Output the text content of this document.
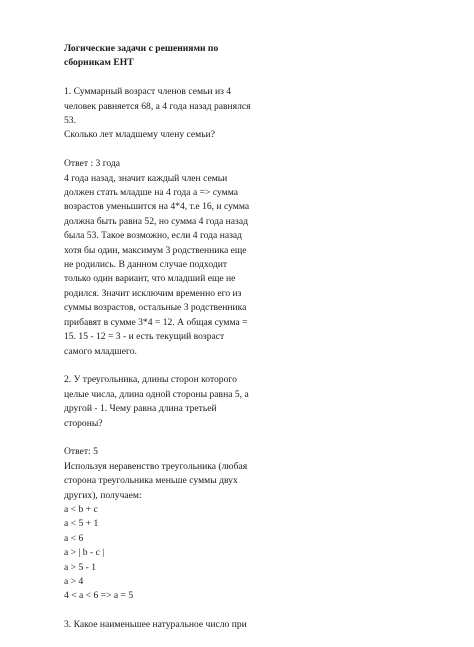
Логические задачи с решениями по
сборникам ЕНТ
1. Суммарный возраст членов семьи из 4
человек равняется 68, а 4 года назад равнялся
53.
Сколько лет младшему члену семьи?
Ответ : 3 года
4 года назад, значит каждый член семьи
должен стать младше на 4 года a => сумма
возрастов уменьшится на 4*4, т.е 16, и сумма
должна быть равна 52, но сумма 4 года назад
была 53. Такое возможно, если 4 года назад
хотя бы один, максимум 3 родственника еще
не родились. В данном случае подходит
только один вариант, что младший еще не
родился. Значит исключим временно его из
суммы возрастов, остальные 3 родственника
прибавят в сумме 3*4 = 12. А общая сумма =
15. 15 - 12 = 3 - и есть текущий возраст
самого младшего.
2. У треугольника, длины сторон которого
целые числа, длина одной стороны равна 5, а
другой - 1. Чему равна длина третьей
стороны?
Ответ: 5
Используя неравенство треугольника (любая
сторона треугольника меньше суммы двух
других), получаем:
a < b + c
a < 5 + 1
a < 6
a > | b - c |
a > 5 - 1
a > 4
4 < a < 6 => a = 5
3. Какое наименьшее натуральное число при
